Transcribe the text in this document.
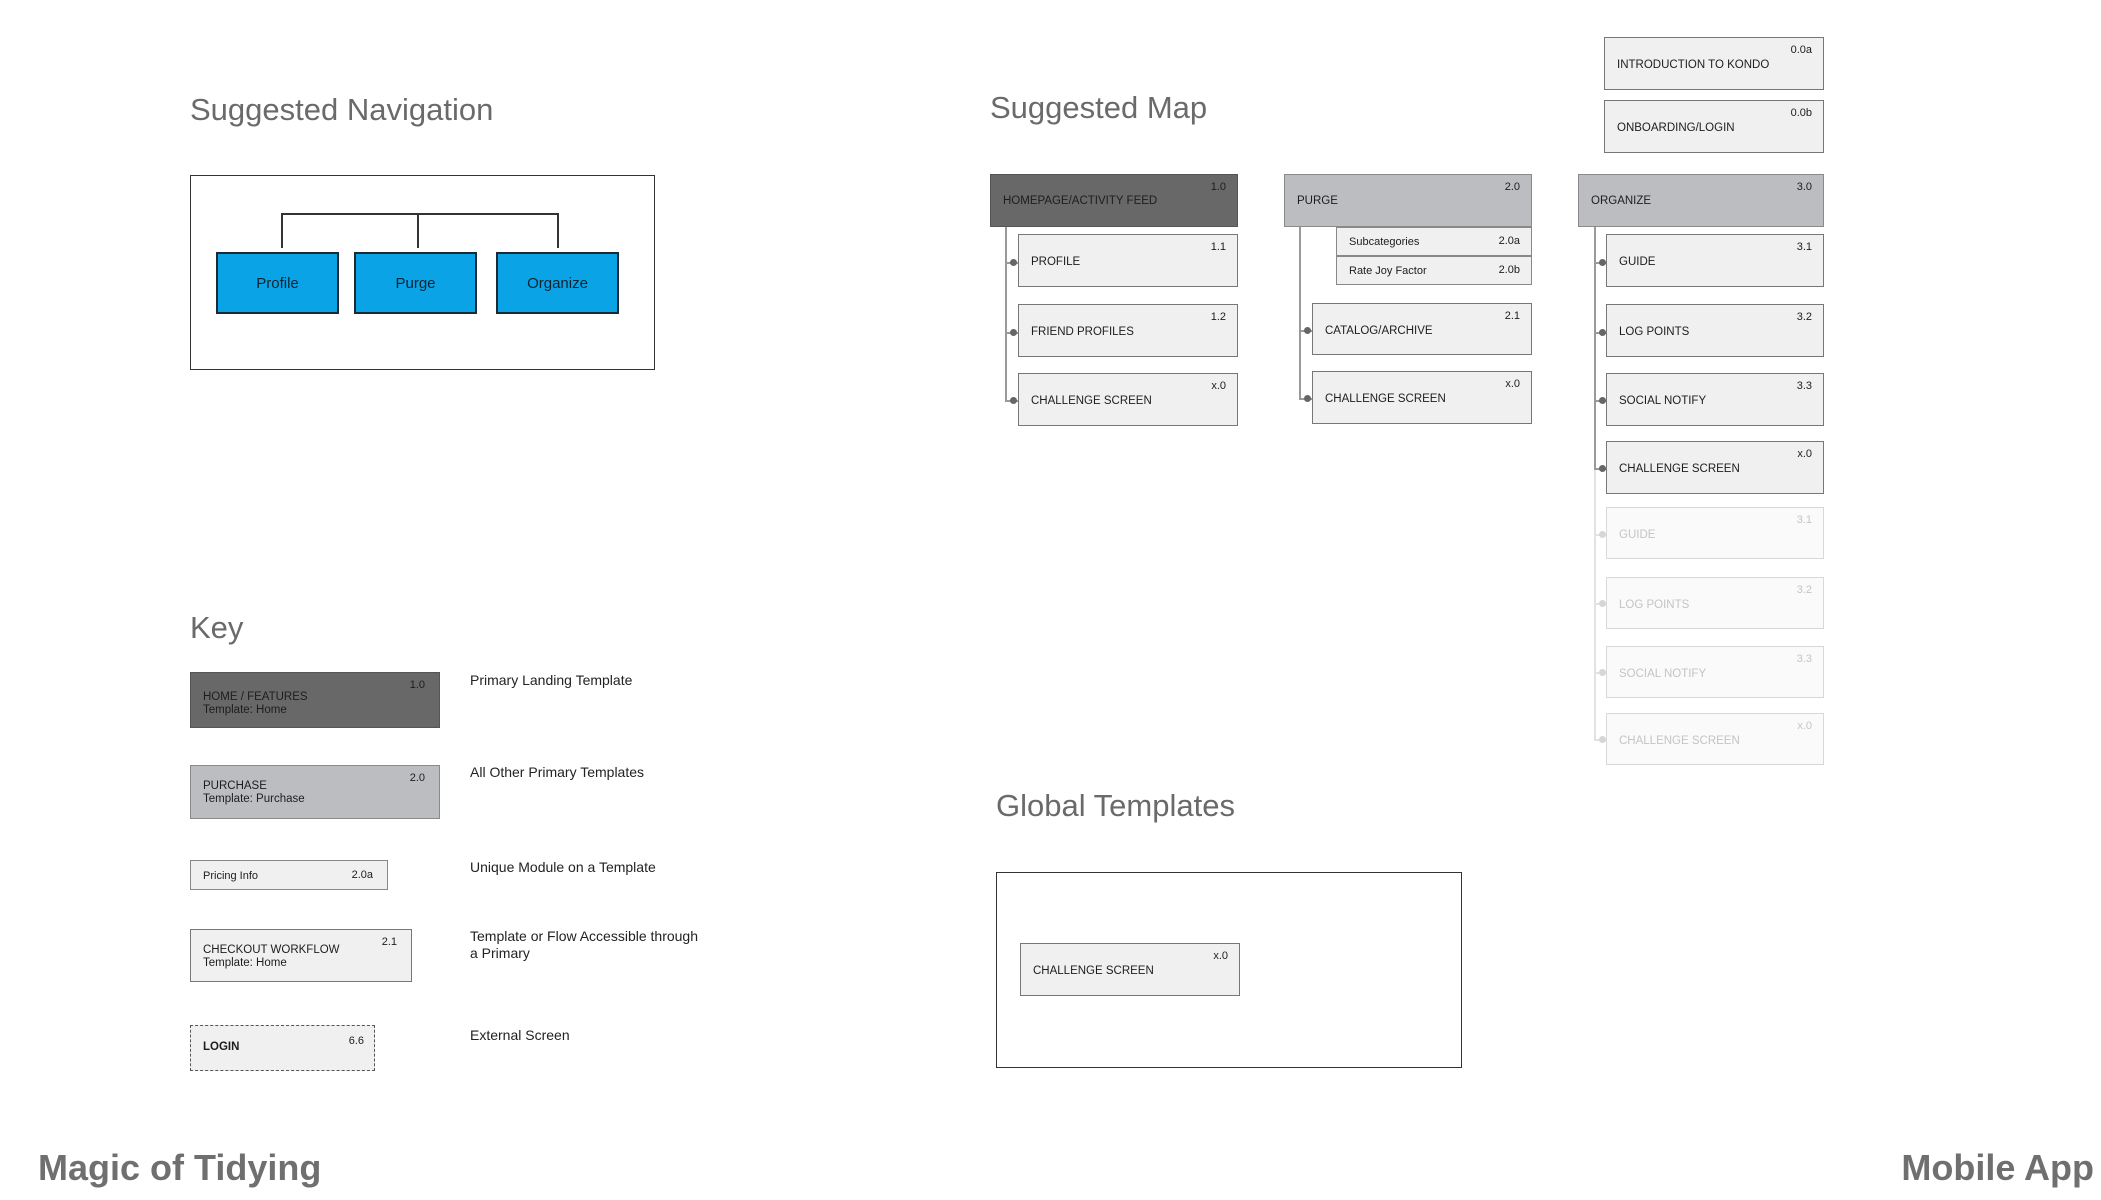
Suggested Navigation
Profile	Purge	Organize
Suggested Map
INTRODUCTION TO KONDO
0.0a
ONBOARDING/LOGIN
0.0b
HOMEPAGE/ACTIVITY FEED
1.0
PROFILE
1.1
FRIEND PROFILES
1.2
CHALLENGE SCREEN
x.0
PURGE
2.0
Subcategories	2.0a
Rate Joy Factor	2.0b
CATALOG/ARCHIVE
2.1
CHALLENGE SCREEN
x.0
ORGANIZE
3.0
GUIDE
3.1
LOG POINTS
3.2
SOCIAL NOTIFY
3.3
CHALLENGE SCREEN
x.0
GUIDE
3.1
LOG POINTS
3.2
SOCIAL NOTIFY
3.3
CHALLENGE SCREEN
x.0
Key
HOME / FEATURES
Template: Home
1.0	Primary Landing Template
PURCHASE
Template: Purchase
2.0	All Other Primary Templates
Pricing Info	2.0a	Unique Module on a Template
CHECKOUT WORKFLOW
Template: Home
2.1	Template or Flow Accessible through
a Primary
LOGIN	6.6	External Screen
Global Templates
CHALLENGE SCREEN
x.0
Magic of Tidying	Mobile App
